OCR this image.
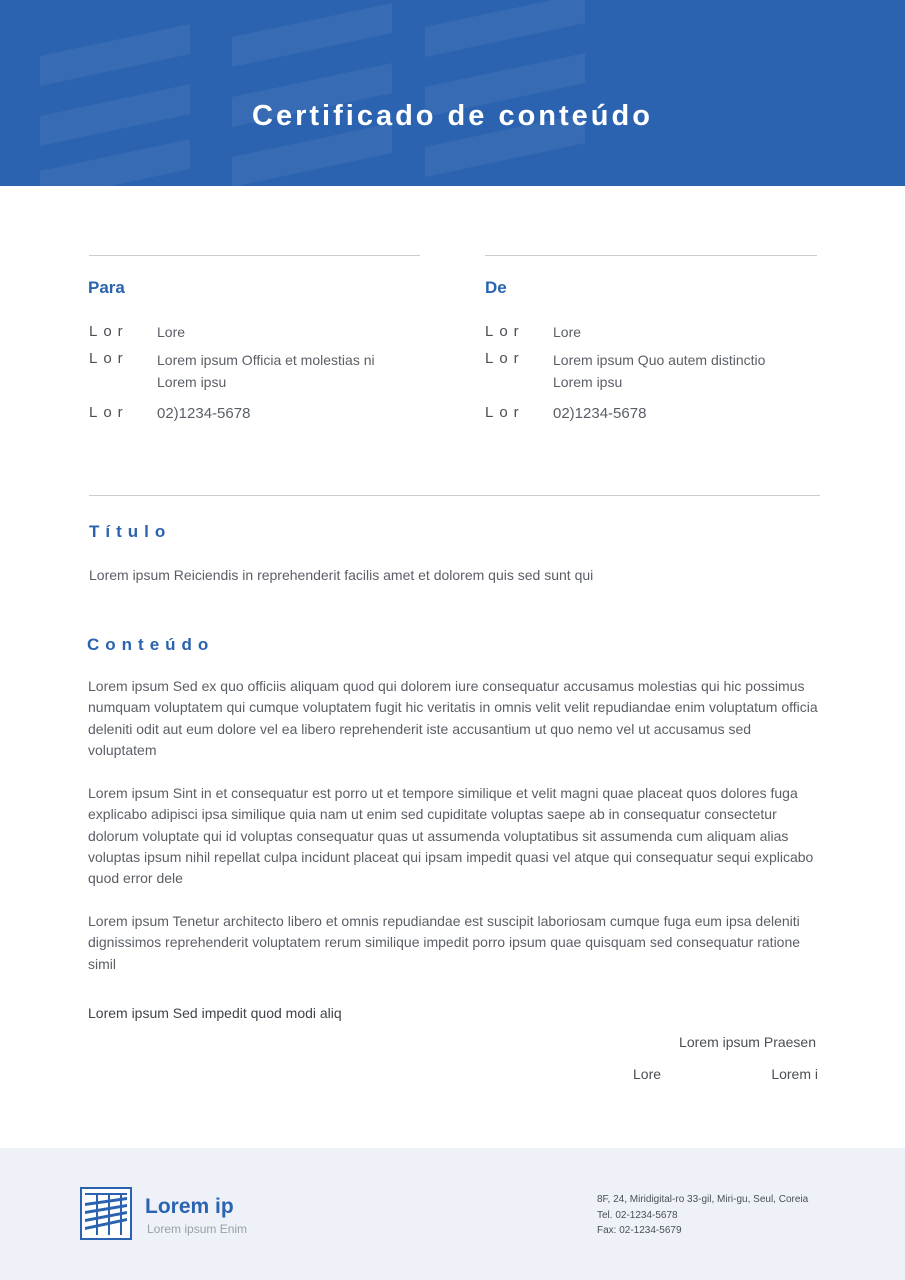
Certificado de conteúdo
Para
Lor Lore
Lor Lorem ipsum Officia et molestias ni
Lorem ipsu
Lor 02)1234-5678
De
Lor Lore
Lor Lorem ipsum Quo autem distinctio
Lorem ipsu
Lor 02)1234-5678
Título
Lorem ipsum Reiciendis in reprehenderit facilis amet et dolorem quis sed sunt qui
Conteúdo

Lorem ipsum Sed ex quo officiis aliquam quod qui dolorem iure consequatur accusamus molestias qui hic possimus numquam voluptatem qui cumque voluptatem fugit hic veritatis in omnis velit velit repudiandae enim voluptatum officia deleniti odit aut eum dolore vel ea libero reprehenderit iste accusantium ut quo nemo vel ut accusamus sed voluptatem

Lorem ipsum Sint in et consequatur est porro ut et tempore similique et velit magni quae placeat quos dolores fuga explicabo adipisci ipsa similique quia nam ut enim sed cupiditate voluptas saepe ab in consequatur consectetur dolorum voluptate qui id voluptas consequatur quas ut assumenda voluptatibus sit assumenda cum aliquam alias voluptas ipsum nihil repellat culpa incidunt placeat qui ipsam impedit quasi vel atque qui consequatur sequi explicabo quod error dele

Lorem ipsum Tenetur architecto libero et omnis repudiandae est suscipit laboriosam cumque fuga eum ipsa deleniti dignissimos reprehenderit voluptatem rerum similique impedit porro ipsum quae quisquam sed consequatur ratione simil

Lorem ipsum Sed impedit quod modi aliq
Lorem ipsum Praesen
Lore	Lorem i
Lorem ip
Lorem ipsum Enim
8F, 24, Miridigital-ro 33-gil, Miri-gu, Seul, Coreia
Tel. 02-1234-5678
Fax: 02-1234-5679
